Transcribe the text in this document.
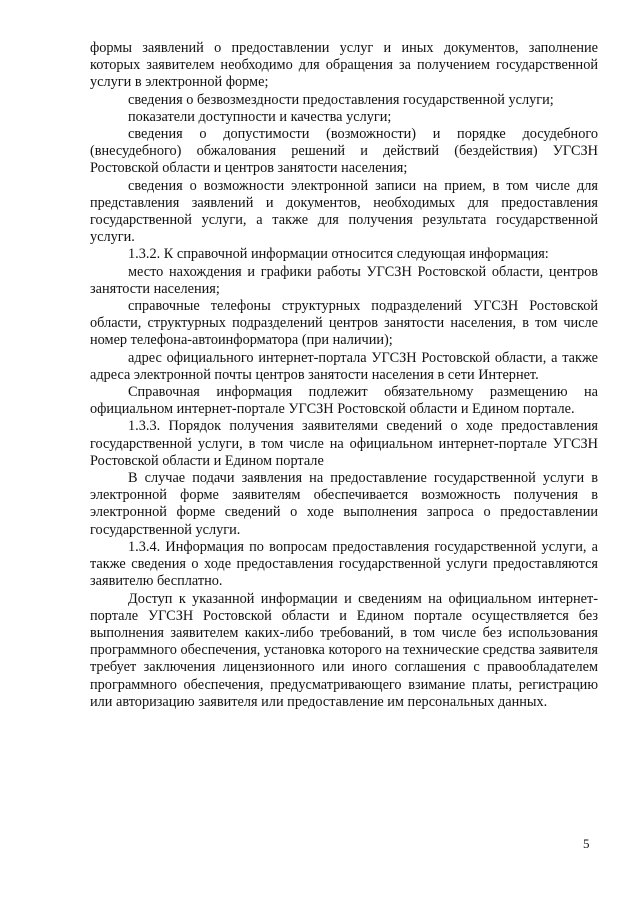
формы заявлений о предоставлении услуг и иных документов, заполнение которых заявителем необходимо для обращения за получением государственной услуги в электронной форме;

сведения о безвозмездности предоставления государственной услуги;

показатели доступности и качества услуги;

сведения о допустимости (возможности) и порядке досудебного (внесудебного) обжалования решений и действий (бездействия) УГСЗН Ростовской области и центров занятости населения;

сведения о возможности электронной записи на прием, в том числе для представления заявлений и документов, необходимых для предоставления государственной услуги, а также для получения результата государственной услуги.

1.3.2. К справочной информации относится следующая информация:

место нахождения и графики работы УГСЗН Ростовской области, центров занятости населения;

справочные телефоны структурных подразделений УГСЗН Ростовской области, структурных подразделений центров занятости населения, в том числе номер телефона-автоинформатора (при наличии);

адрес официального интернет-портала УГСЗН Ростовской области, а также адреса электронной почты центров занятости населения в сети Интернет.

Справочная информация подлежит обязательному размещению на официальном интернет-портале УГСЗН Ростовской области и Едином портале.

1.3.3. Порядок получения заявителями сведений о ходе предоставления государственной услуги, в том числе на официальном интернет-портале УГСЗН Ростовской области и Едином портале

В случае подачи заявления на предоставление государственной услуги в электронной форме заявителям обеспечивается возможность получения в электронной форме сведений о ходе выполнения запроса о предоставлении государственной услуги.

1.3.4. Информация по вопросам предоставления государственной услуги, а также сведения о ходе предоставления государственной услуги предоставляются заявителю бесплатно.

Доступ к указанной информации и сведениям на официальном интернет-портале УГСЗН Ростовской области и Едином портале осуществляется без выполнения заявителем каких-либо требований, в том числе без использования программного обеспечения, установка которого на технические средства заявителя требует заключения лицензионного или иного соглашения с правообладателем программного обеспечения, предусматривающего взимание платы, регистрацию или авторизацию заявителя или предоставление им персональных данных.

5
